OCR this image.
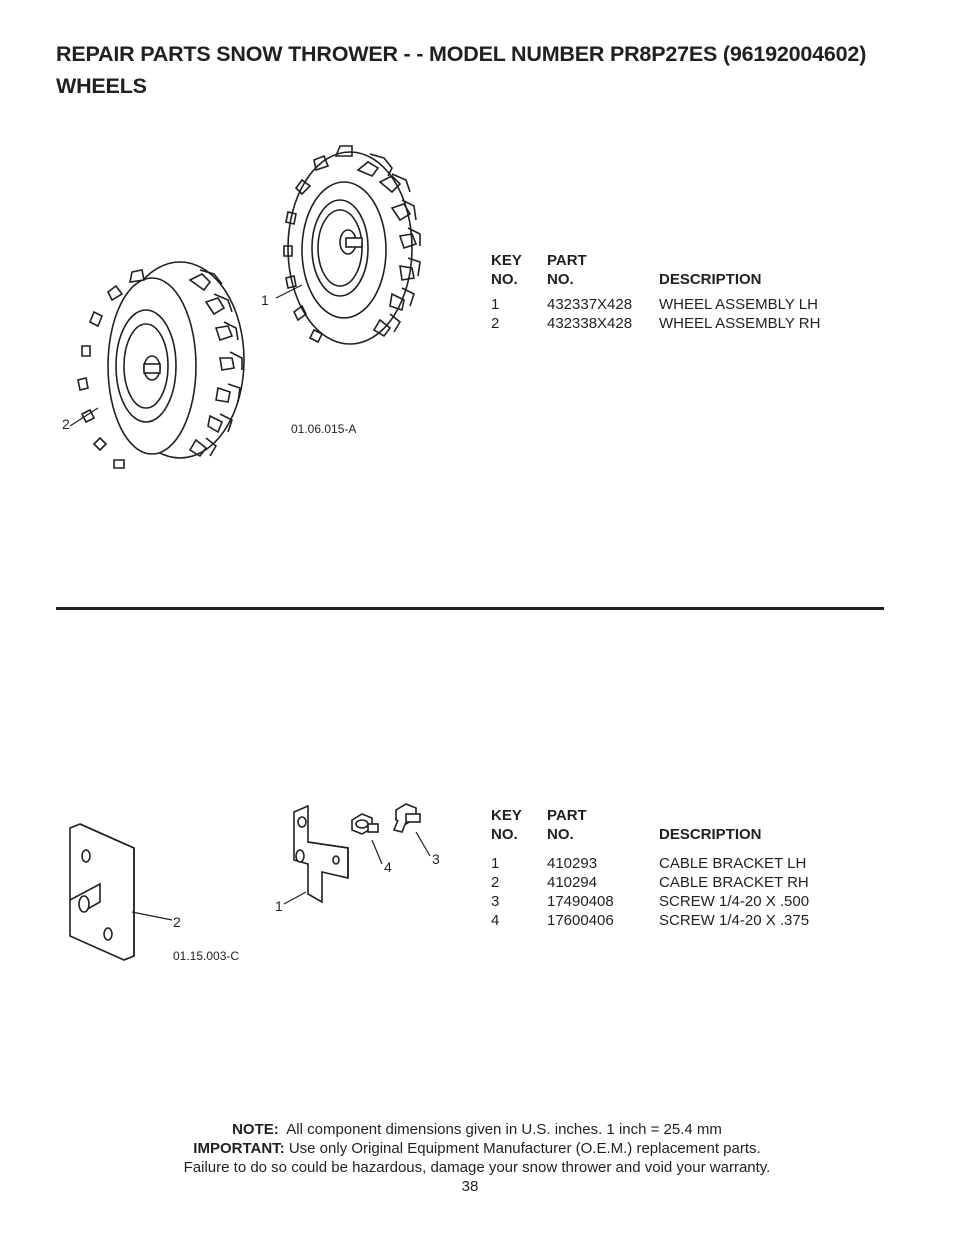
REPAIR PARTS SNOW THROWER - - MODEL NUMBER PR8P27ES (96192004602)
WHEELS
1
2	01.06.015-A
KEY
NO.
PART
NO.	DESCRIPTION
1	432337X428 WHEEL ASSEMBLY LH
2	432338X428 WHEEL ASSEMBLY RH
4	3
1
2
01.15.003-C
KEY
NO.
PART
NO.	DESCRIPTION
1	410293	CABLE BRACKET LH
2	410294	CABLE BRACKET RH
3	17490408	SCREW 1/4-20 X .500
4	17600406	SCREW 1/4-20 X .375
NOTE: All component dimensions given in U.S. inches. 1 inch = 25.4 mm
IMPORTANT: Use only Original Equipment Manufacturer (O.E.M.) replacement parts.
Failure to do so could be hazardous, damage your snow thrower and void your warranty.
38
